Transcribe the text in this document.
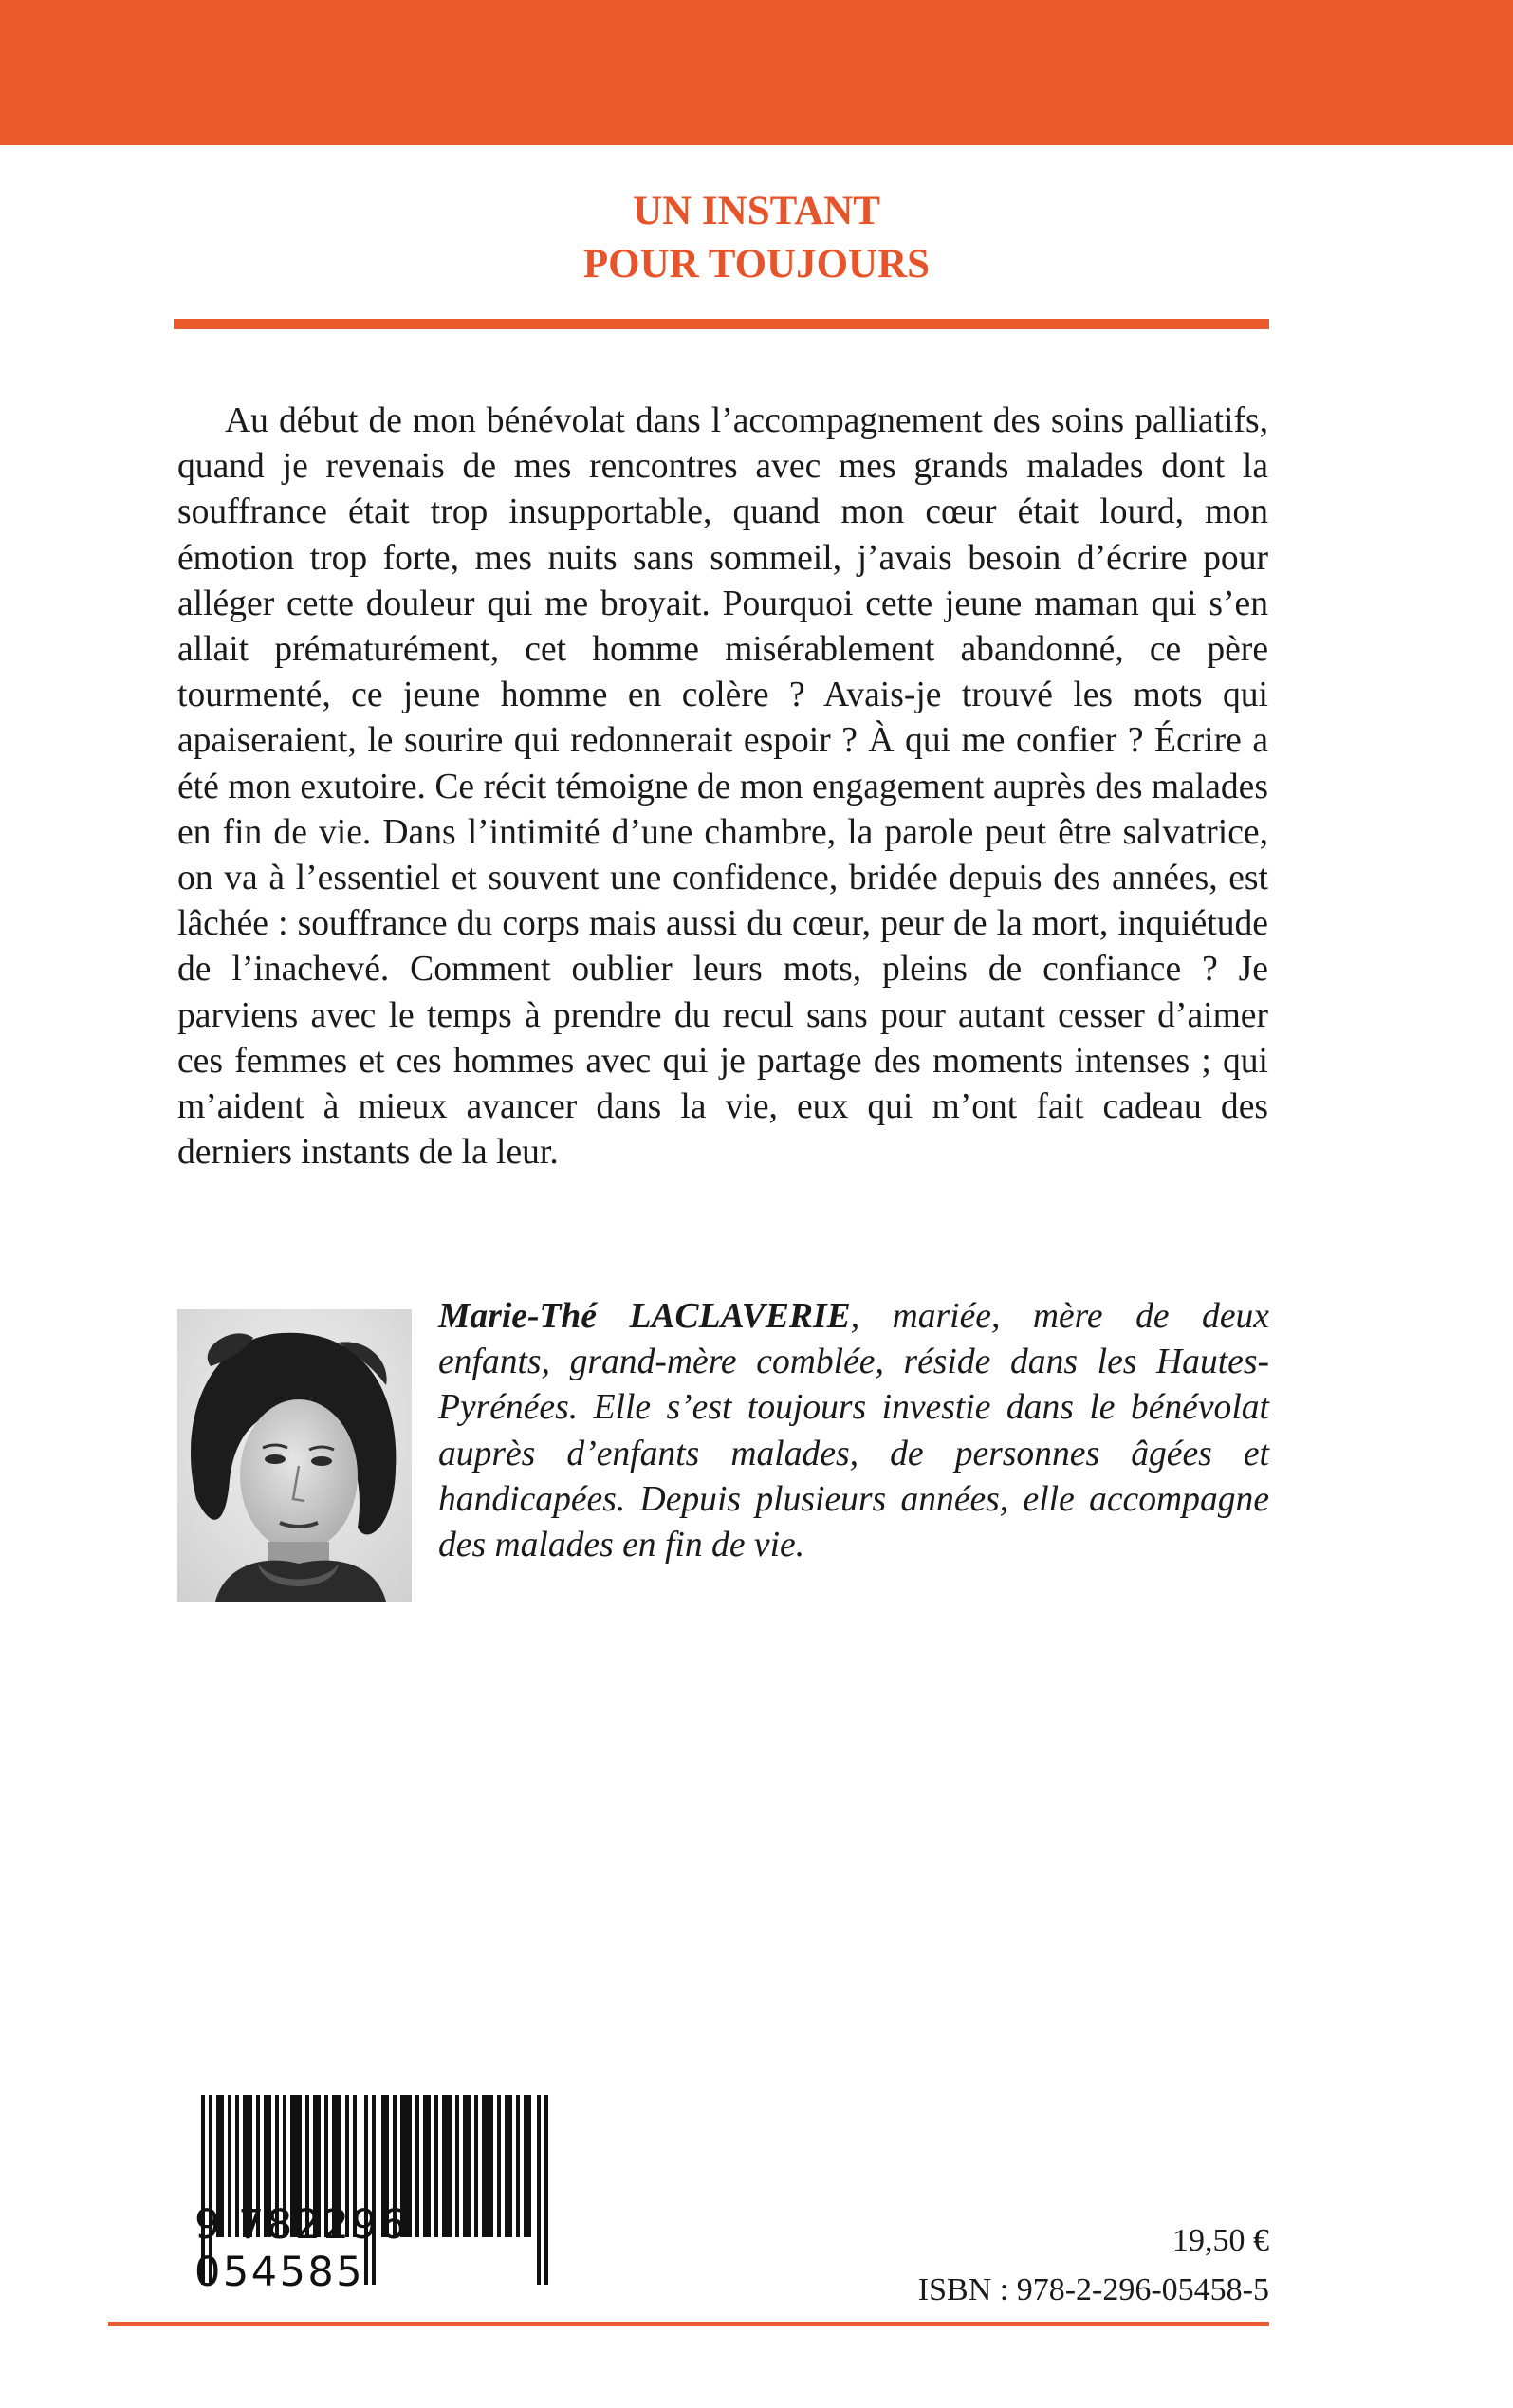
UN INSTANT
POUR TOUJOURS

Au début de mon bénévolat dans l’accompagnement des soins palliatifs, quand je revenais de mes rencontres avec mes grands malades dont la souffrance était trop insupportable, quand mon cœur était lourd, mon émotion trop forte, mes nuits sans sommeil, j’avais besoin d’écrire pour alléger cette douleur qui me broyait. Pourquoi cette jeune maman qui s’en allait prématurément, cet homme misérablement abandonné, ce père tourmenté, ce jeune homme en colère ? Avais-je trouvé les mots qui apaiseraient, le sourire qui redonnerait espoir ? À qui me confier ? Écrire a été mon exutoire. Ce récit témoigne de mon engagement auprès des malades en fin de vie. Dans l’intimité d’une chambre, la parole peut être salvatrice, on va à l’essentiel et souvent une confidence, bridée depuis des années, est lâchée : souffrance du corps mais aussi du cœur, peur de la mort, inquiétude de l’inachevé. Comment oublier leurs mots, pleins de confiance ? Je parviens avec le temps à prendre du recul sans pour autant cesser d’aimer ces femmes et ces hommes avec qui je partage des moments intenses ; qui m’aident à mieux avancer dans la vie, eux qui m’ont fait cadeau des derniers instants de la leur.

Marie-Thé LACLAVERIE, mariée, mère de deux enfants, grand-mère comblée, réside dans les Hautes-Pyrénées. Elle s’est toujours investie dans le bénévolat auprès d’enfants malades, de personnes âgées et handicapées. Depuis plusieurs années, elle accompagne des malades en fin de vie.

9 782296 054585
19,50 €
ISBN : 978-2-296-05458-5
